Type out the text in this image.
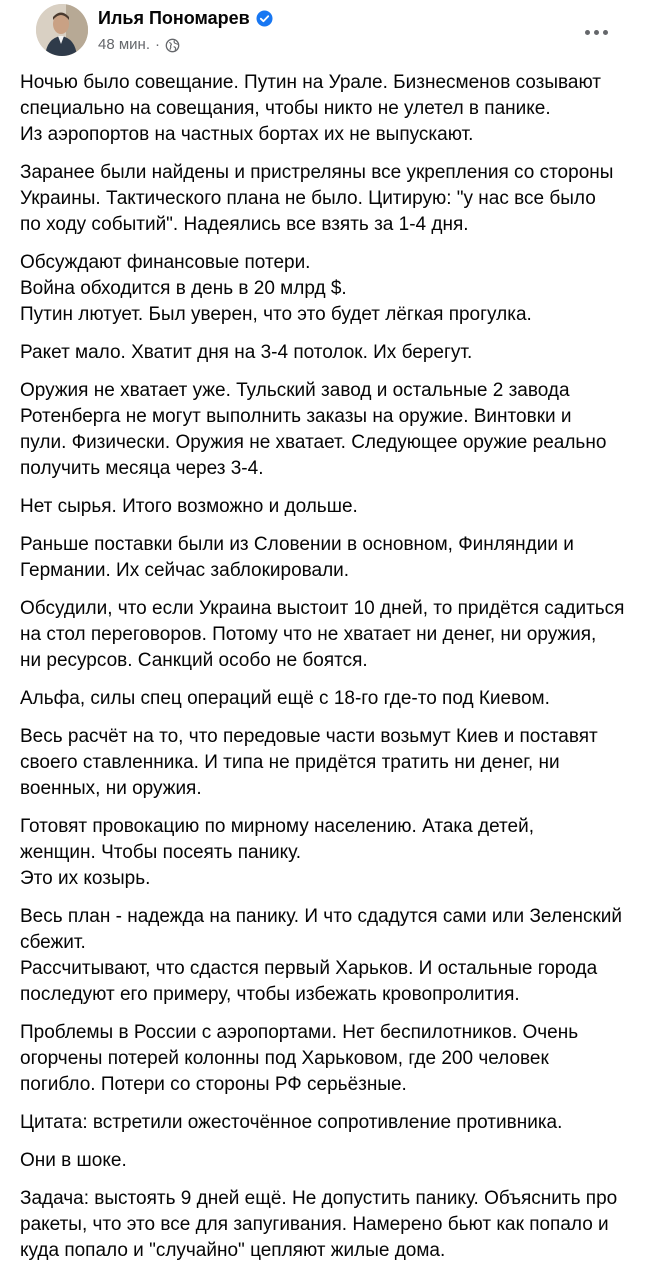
Илья Пономарев
48 мин. ·

Ночью было совещание. Путин на Урале. Бизнесменов созывают
специально на совещания, чтобы никто не улетел в панике.
Из аэропортов на частных бортах их не выпускают.

Заранее были найдены и пристреляны все укрепления со стороны
Украины. Тактического плана не было. Цитирую: "у нас все было
по ходу событий". Надеялись все взять за 1-4 дня.

Обсуждают финансовые потери.
Война обходится в день в 20 млрд $.
Путин лютует. Был уверен, что это будет лёгкая прогулка.

Ракет мало. Хватит дня на 3-4 потолок. Их берегут.

Оружия не хватает уже. Тульский завод и остальные 2 завода
Ротенберга не могут выполнить заказы на оружие. Винтовки и
пули. Физически. Оружия не хватает. Следующее оружие реально
получить месяца через 3-4.

Нет сырья. Итого возможно и дольше.

Раньше поставки были из Словении в основном, Финляндии и
Германии. Их сейчас заблокировали.

Обсудили, что если Украина выстоит 10 дней, то придётся садиться
на стол переговоров. Потому что не хватает ни денег, ни оружия,
ни ресурсов. Санкций особо не боятся.

Альфа, силы спец операций ещё с 18-го где-то под Киевом.

Весь расчёт на то, что передовые части возьмут Киев и поставят
своего ставленника. И типа не придётся тратить ни денег, ни
военных, ни оружия.

Готовят провокацию по мирному населению. Атака детей,
женщин. Чтобы посеять панику.
Это их козырь.

Весь план - надежда на панику. И что сдадутся сами или Зеленский
сбежит.
Рассчитывают, что сдастся первый Харьков. И остальные города
последуют его примеру, чтобы избежать кровопролития.

Проблемы в России с аэропортами. Нет беспилотников. Очень
огорчены потерей колонны под Харьковом, где 200 человек
погибло. Потери со стороны РФ серьёзные.

Цитата: встретили ожесточённое сопротивление противника.

Они в шоке.

Задача: выстоять 9 дней ещё. Не допустить панику. Объяснить про
ракеты, что это все для запугивания. Намерено бьют как попало и
куда попало и "случайно" цепляют жилые дома.
